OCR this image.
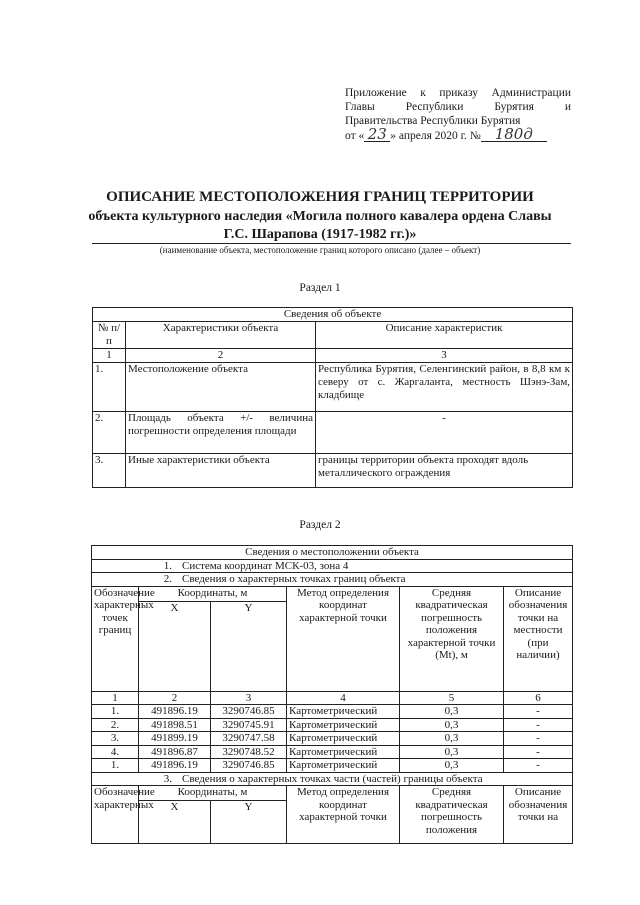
Приложение к приказу Администрации
Главы Республики Бурятия и
Правительства Республики Бурятия
от « 23 » апреля 2020 г. № 180д
ОПИСАНИЕ МЕСТОПОЛОЖЕНИЯ ГРАНИЦ ТЕРРИТОРИИ
объекта культурного наследия «Могила полного кавалера ордена Славы
Г.С. Шарапова (1917-1982 гг.)»
(наименование объекта, местоположение границ которого описано (далее – объект)
Раздел 1
Сведения об объекте		
№ п/п	Характеристики объекта	Описание характеристик
1	2	3
1.	Местоположение объекта	Республика Бурятия, Селенгинский район, в 8,8 км к северу от с. Жаргаланта, местность Шэнэ-Зам, кладбище
2.	Площадь объекта +/- величина погрешности определения площади	-
3.	Иные характеристики объекта	границы территории объекта проходят вдоль металлического ограждения
Раздел 2
Сведения о местоположении объекта					
1. Система координат МСК-03, зона 4					
2. Сведения о характерных точках границ объекта					
Обозначение характерных точек границ	Координаты, м		Метод определения координат характерной точки	Средняя квадратическая погрешность положения характерной точки (Mt), м	Описание обозначения точки на местности (при наличии)
	X	Y			
1	2	3	4	5	6
1.	491896.19	3290746.85	Картометрический	0,3	-
2.	491898.51	3290745.91	Картометрический	0,3	-
3.	491899.19	3290747.58	Картометрический	0,3	-
4.	491896.87	3290748.52	Картометрический	0,3	-
1.	491896.19	3290746.85	Картометрический	0,3	-
3. Сведения о характерных точках части (частей) границы объекта					
Обозначение характерных	Координаты, м		Метод определения координат характерной точки	Средняя квадратическая погрешность положения	Описание обозначения точки на
	X	Y			
